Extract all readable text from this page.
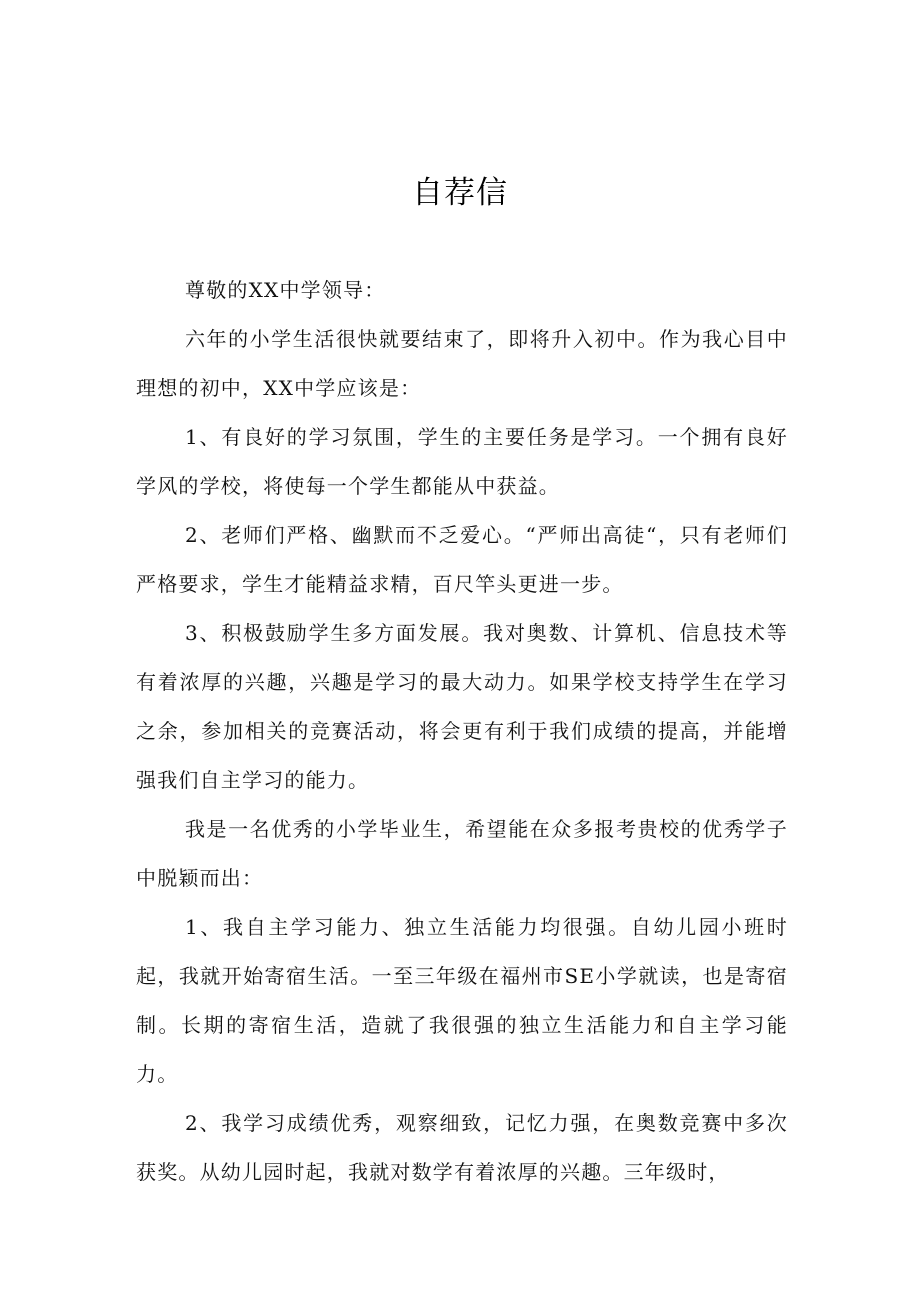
自荐信

尊敬的XX中学领导：

六年的小学生活很快就要结束了，即将升入初中。作为我心目中理想的初中，XX中学应该是：

1、有良好的学习氛围，学生的主要任务是学习。一个拥有良好学风的学校，将使每一个学生都能从中获益。

2、老师们严格、幽默而不乏爱心。“严师出高徒“，只有老师们严格要求，学生才能精益求精，百尺竿头更进一步。

3、积极鼓励学生多方面发展。我对奥数、计算机、信息技术等有着浓厚的兴趣，兴趣是学习的最大动力。如果学校支持学生在学习之余，参加相关的竞赛活动，将会更有利于我们成绩的提高，并能增强我们自主学习的能力。

我是一名优秀的小学毕业生，希望能在众多报考贵校的优秀学子中脱颖而出：

1、我自主学习能力、独立生活能力均很强。自幼儿园小班时起，我就开始寄宿生活。一至三年级在福州市SE小学就读，也是寄宿制。长期的寄宿生活，造就了我很强的独立生活能力和自主学习能力。

2、我学习成绩优秀，观察细致，记忆力强，在奥数竞赛中多次获奖。从幼儿园时起，我就对数学有着浓厚的兴趣。三年级时，
